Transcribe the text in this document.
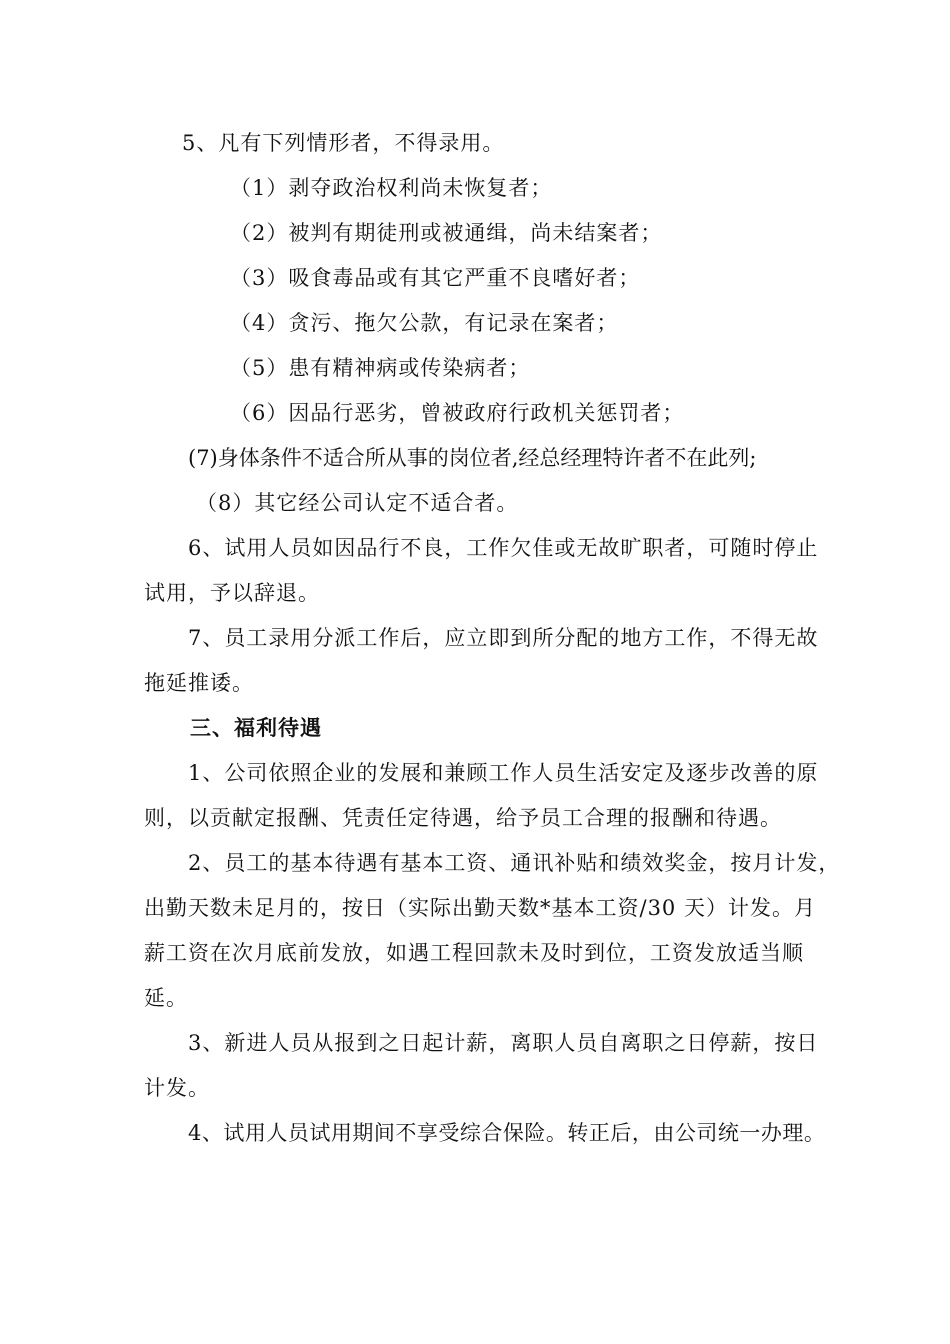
5、凡有下列情形者，不得录用。
（1）剥夺政治权利尚未恢复者；
（2）被判有期徒刑或被通缉，尚未结案者；
（3）吸食毒品或有其它严重不良嗜好者；
（4）贪污、拖欠公款，有记录在案者；
（5）患有精神病或传染病者；
（6）因品行恶劣，曾被政府行政机关惩罚者；
(7)身体条件不适合所从事的岗位者,经总经理特许者不在此列;
（8）其它经公司认定不适合者。
6、试用人员如因品行不良，工作欠佳或无故旷职者，可随时停止
试用，予以辞退。
7、员工录用分派工作后，应立即到所分配的地方工作，不得无故
拖延推诿。
三、福利待遇
1、公司依照企业的发展和兼顾工作人员生活安定及逐步改善的原
则，以贡献定报酬、凭责任定待遇，给予员工合理的报酬和待遇。
2、员工的基本待遇有基本工资、通讯补贴和绩效奖金，按月计发，
出勤天数未足月的，按日（实际出勤天数*基本工资/30 天）计发。月
薪工资在次月底前发放，如遇工程回款未及时到位，工资发放适当顺
延。
3、新进人员从报到之日起计薪，离职人员自离职之日停薪，按日
计发。
4、试用人员试用期间不享受综合保险。转正后，由公司统一办理。
